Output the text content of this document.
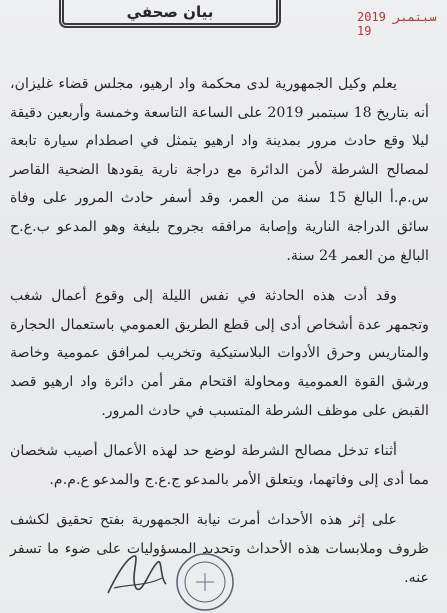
بيان صحفي	2019 سبتمبر 19

يعلم وكيل الجمهورية لدى محكمة واد ارهيو، مجلس قضاء غليزان، أنه بتاريخ 18 سبتمبر 2019 على الساعة التاسعة وخمسة وأربعين دقيقة ليلا وقع حادث مرور بمدينة واد ارهيو يتمثل في اصطدام سيارة تابعة لمصالح الشرطة لأمن الدائرة مع دراجة نارية يقودها الضحية القاصر س.م.أ البالغ 15 سنة من العمر، وقد أسفر حادث المرور على وفاة سائق الدراجة النارية وإصابة مرافقه بجروح بليغة وهو المدعو ب.ع.ح البالغ من العمر 24 سنة.

وقد أدت هذه الحادثة في نفس الليلة إلى وقوع أعمال شغب وتجمهر عدة أشخاص أدى إلى قطع الطريق العمومي باستعمال الحجارة والمتاريس وحرق الأدوات البلاستيكية وتخريب لمرافق عمومية وخاصة ورشق القوة العمومية ومحاولة اقتحام مقر أمن دائرة واد ارهيو قصد القبض على موظف الشرطة المتسبب في حادث المرور.

أثناء تدخل مصالح الشرطة لوضع حد لهذه الأعمال أصيب شخصان مما أدى إلى وفاتهما، ويتعلق الأمر بالمدعو ج.ع.ج والمدعو ع.م.م.

على إثر هذه الأحداث أمرت نيابة الجمهورية بفتح تحقيق لكشف ظروف وملابسات هذه الأحداث وتحديد المسؤوليات على ضوء ما تسفر عنه.
